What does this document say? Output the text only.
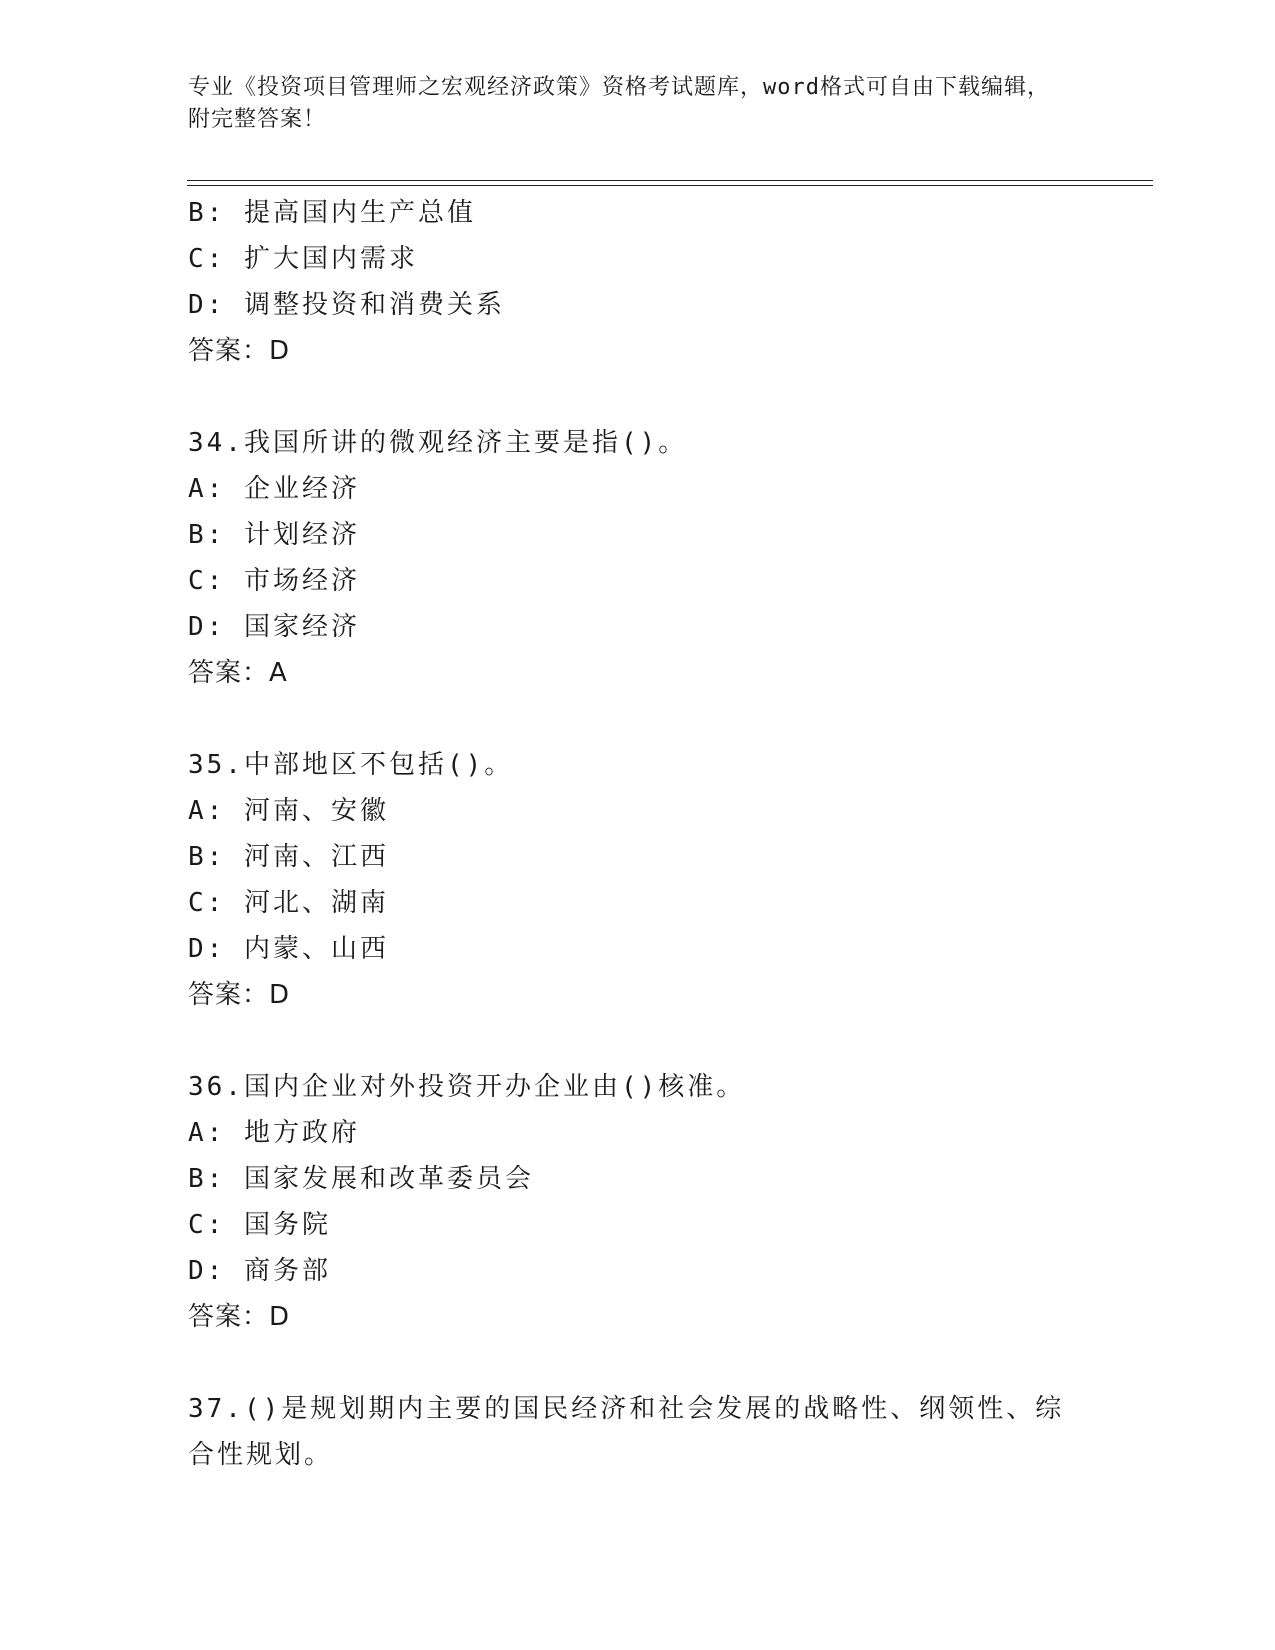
专业《投资项目管理师之宏观经济政策》资格考试题库，word格式可自由下载编辑，附完整答案！
B: 提高国内生产总值
C: 扩大国内需求
D: 调整投资和消费关系
答案：D
34.我国所讲的微观经济主要是指()。
A: 企业经济
B: 计划经济
C: 市场经济
D: 国家经济
答案：A
35.中部地区不包括()。
A: 河南、安徽
B: 河南、江西
C: 河北、湖南
D: 内蒙、山西
答案：D
36.国内企业对外投资开办企业由()核准。
A: 地方政府
B: 国家发展和改革委员会
C: 国务院
D: 商务部
答案：D
37.()是规划期内主要的国民经济和社会发展的战略性、纲领性、综合性规划。
